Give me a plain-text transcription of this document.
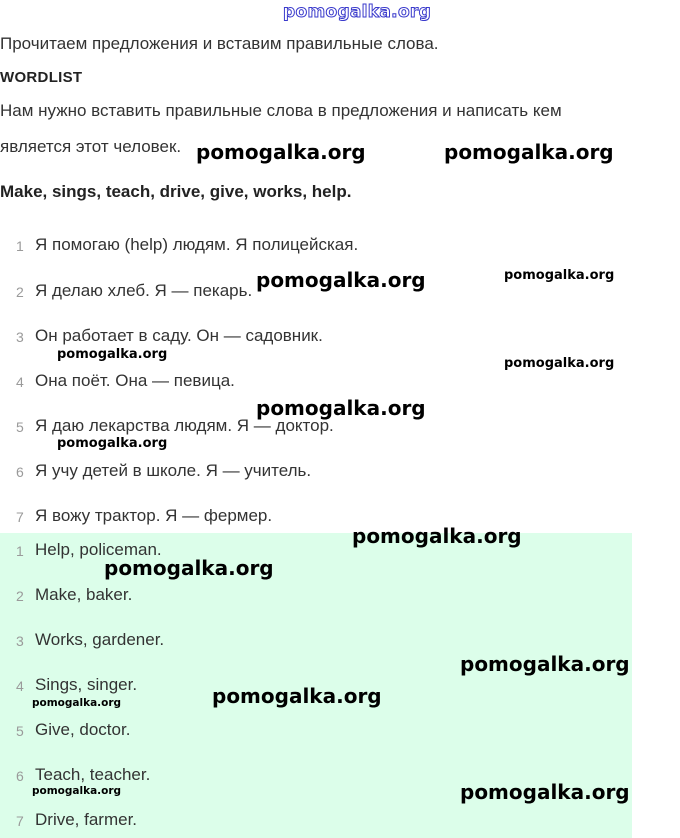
pomogalka.org
Прочитаем предложения и вставим правильные слова.
WORDLIST
Нам нужно вставить правильные слова в предложения и написать кем
является этот человек.
Make, sings, teach, drive, give, works, help.
1 Я помогаю (help) людям. Я полицейская.
2 Я делаю хлеб. Я — пекарь.
3 Он работает в саду. Он — садовник.
4 Она поёт. Она — певица.
5 Я даю лекарства людям. Я — доктор.
6 Я учу детей в школе. Я — учитель.
7 Я вожу трактор. Я — фермер.
1 Help, policeman.
2 Make, baker.
3 Works, gardener.
4 Sings, singer.
5 Give, doctor.
6 Teach, teacher.
7 Drive, farmer.
pomogalka.org	pomogalka.org
pomogalka.org	pomogalka.org
pomogalka.org
pomogalka.org
pomogalka.org
pomogalka.org
pomogalka.org
pomogalka.org
pomogalka.org
pomogalka.org
pomogalka.org
pomogalka.org	pomogalka.org
